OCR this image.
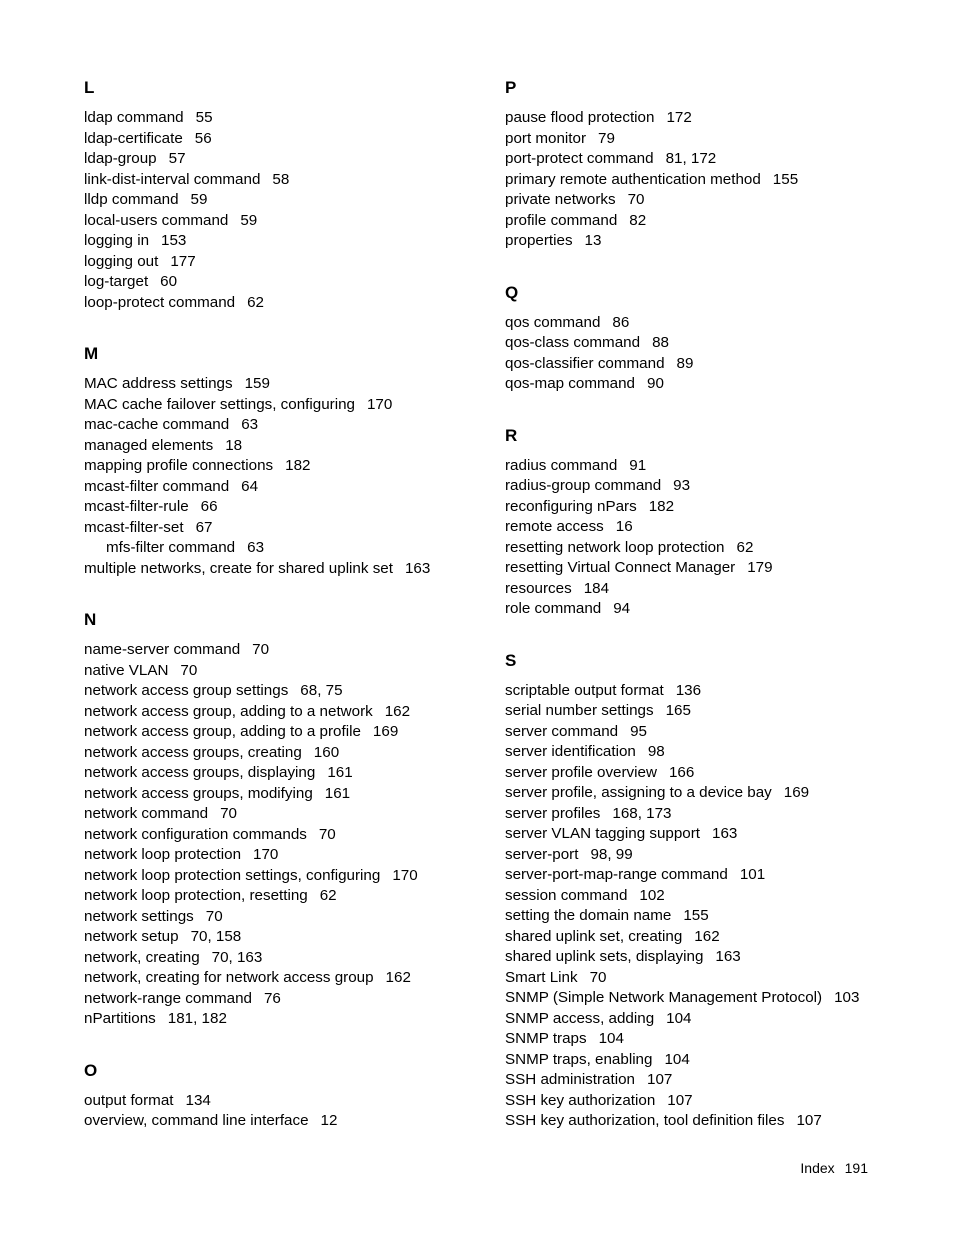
L
ldap command 55
ldap-certificate 56
ldap-group 57
link-dist-interval command 58
lldp command 59
local-users command 59
logging in 153
logging out 177
log-target 60
loop-protect command 62
M
MAC address settings 159
MAC cache failover settings, configuring 170
mac-cache command 63
managed elements 18
mapping profile connections 182
mcast-filter command 64
mcast-filter-rule 66
mcast-filter-set 67
mfs-filter command 63
multiple networks, create for shared uplink set 163
N
name-server command 70
native VLAN 70
network access group settings 68, 75
network access group, adding to a network 162
network access group, adding to a profile 169
network access groups, creating 160
network access groups, displaying 161
network access groups, modifying 161
network command 70
network configuration commands 70
network loop protection 170
network loop protection settings, configuring 170
network loop protection, resetting 62
network settings 70
network setup 70, 158
network, creating 70, 163
network, creating for network access group 162
network-range command 76
nPartitions 181, 182
O
output format 134
overview, command line interface 12
P
pause flood protection 172
port monitor 79
port-protect command 81, 172
primary remote authentication method 155
private networks 70
profile command 82
properties 13
Q
qos command 86
qos-class command 88
qos-classifier command 89
qos-map command 90
R
radius command 91
radius-group command 93
reconfiguring nPars 182
remote access 16
resetting network loop protection 62
resetting Virtual Connect Manager 179
resources 184
role command 94
S
scriptable output format 136
serial number settings 165
server command 95
server identification 98
server profile overview 166
server profile, assigning to a device bay 169
server profiles 168, 173
server VLAN tagging support 163
server-port 98, 99
server-port-map-range command 101
session command 102
setting the domain name 155
shared uplink set, creating 162
shared uplink sets, displaying 163
Smart Link 70
SNMP (Simple Network Management Protocol) 103
SNMP access, adding 104
SNMP traps 104
SNMP traps, enabling 104
SSH administration 107
SSH key authorization 107
SSH key authorization, tool definition files 107
Index 191
